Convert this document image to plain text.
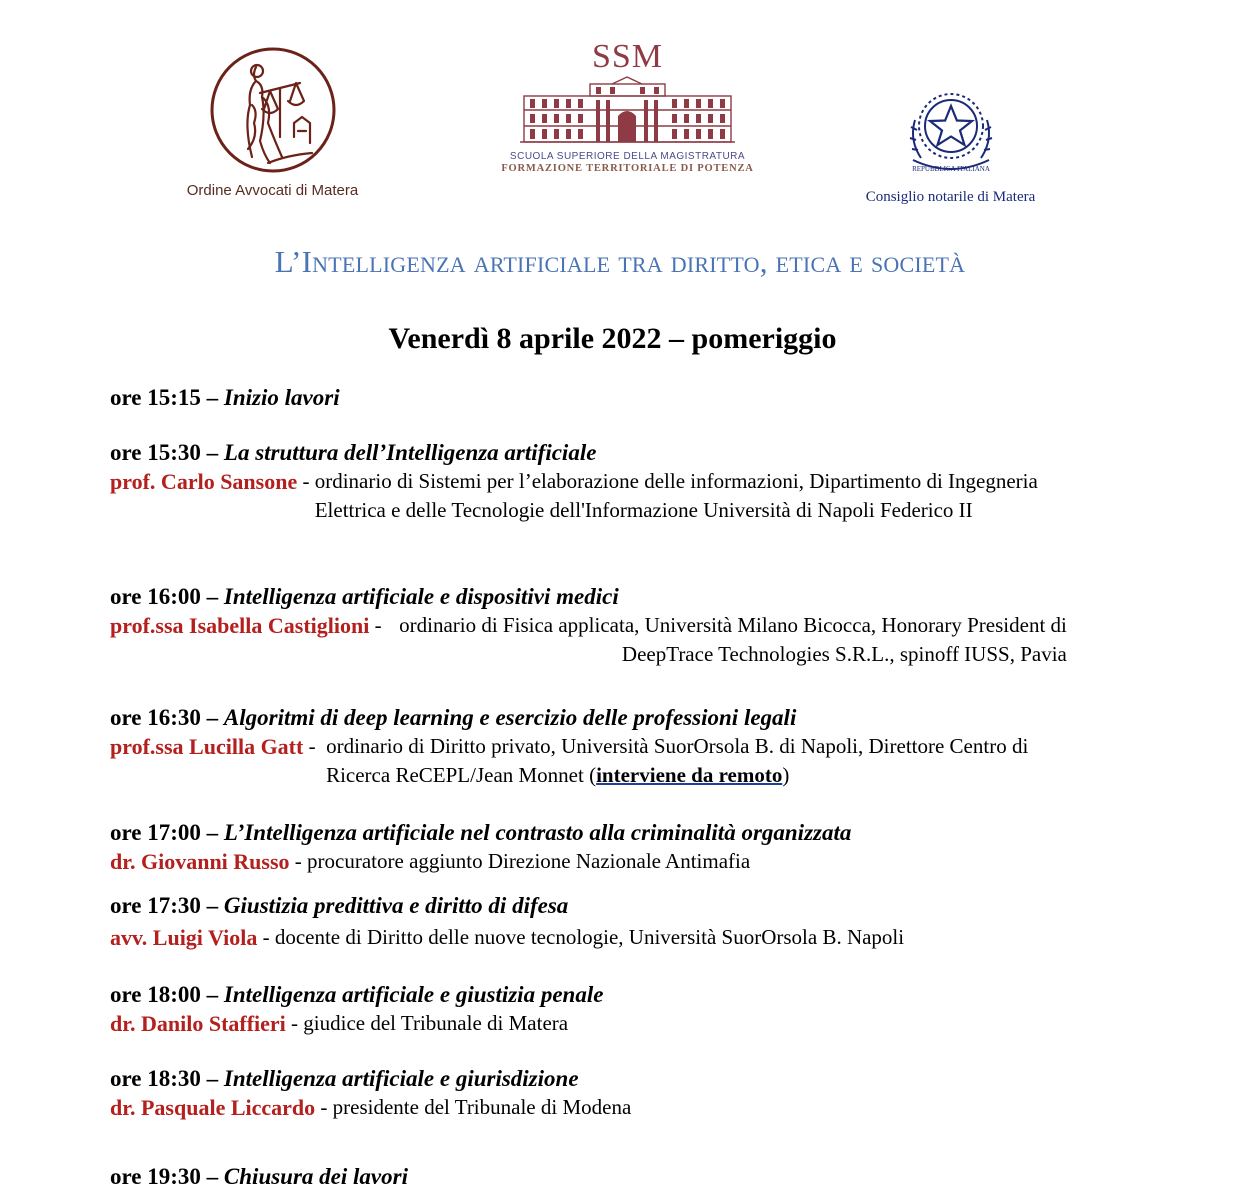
Ordine Avvocati di Matera
SSM
SCUOLA SUPERIORE DELLA MAGISTRATURA
FORMAZIONE TERRITORIALE DI POTENZA	REPUBBLICA ITALIANA
Consiglio notarile di Matera
L’Intelligenza artificiale tra diritto, etica e società
Venerdì 8 aprile 2022 – pomeriggio
ore 15:15 – Inizio lavori
ore 15:30 – La struttura dell’Intelligenza artificiale
prof. Carlo Sansone - ordinario di Sistemi per l’elaborazione delle informazioni, Dipartimento di Ingegneria Elettrica e delle Tecnologie dell'Informazione Università di Napoli Federico II
ore 16:00 – Intelligenza artificiale e dispositivi medici
prof.ssa Isabella Castiglioni - ordinario di Fisica applicata, Università Milano Bicocca, Honorary President di DeepTrace Technologies S.R.L., spinoff IUSS, Pavia
ore 16:30 – Algoritmi di deep learning e esercizio delle professioni legali
prof.ssa Lucilla Gatt - ordinario di Diritto privato, Università SuorOrsola B. di Napoli, Direttore Centro di Ricerca ReCEPL/Jean Monnet (interviene da remoto)
ore 17:00 – L’Intelligenza artificiale nel contrasto alla criminalità organizzata
dr. Giovanni Russo - procuratore aggiunto Direzione Nazionale Antimafia
ore 17:30 – Giustizia predittiva e diritto di difesa
avv. Luigi Viola - docente di Diritto delle nuove tecnologie, Università SuorOrsola B. Napoli
ore 18:00 – Intelligenza artificiale e giustizia penale
dr. Danilo Staffieri - giudice del Tribunale di Matera
ore 18:30 – Intelligenza artificiale e giurisdizione
dr. Pasquale Liccardo - presidente del Tribunale di Modena
ore 19:30 – Chiusura dei lavori
